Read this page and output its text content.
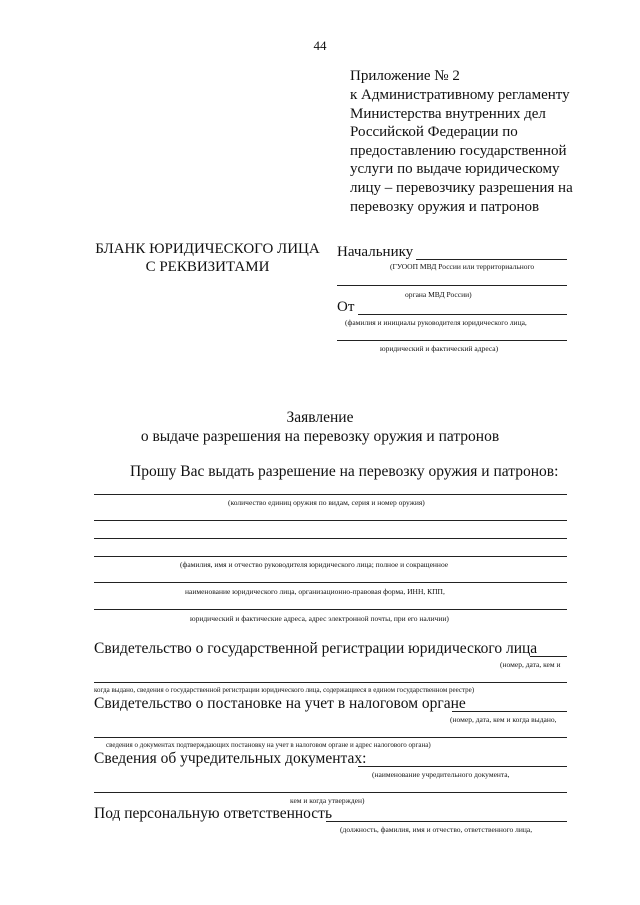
44
Приложение № 2
к Административному регламенту
Министерства внутренних дел
Российской Федерации по
предоставлению государственной
услуги по выдаче юридическому
лицу – перевозчику разрешения на
перевозку оружия и патронов
БЛАНК ЮРИДИЧЕСКОГО ЛИЦА
С РЕКВИЗИТАМИ
Начальнику
(ГУООП МВД России или территориального
органа МВД России)
От
(фамилия и инициалы руководителя юридического лица,
юридический и фактический адреса)
Заявление
о выдаче разрешения на перевозку оружия и патронов
Прошу Вас выдать разрешение на перевозку оружия и патронов:
(количество единиц оружия по видам, серия и номер оружия)
(фамилия, имя и отчество руководителя юридического лица; полное и сокращенное
наименование юридического лица, организационно-правовая форма, ИНН, КПП,
юридический и фактические адреса, адрес электронной почты, при его наличии)
Свидетельство о государственной регистрации юридического лица
(номер, дата, кем и
когда выдано, сведения о государственной регистрации юридического лица, содержащиеся в едином государственном реестре)
Свидетельство о постановке на учет в налоговом органе
(номер, дата, кем и когда выдано,
сведения о документах подтверждающих постановку на учет в налоговом органе и адрес налогового органа)
Сведения об учредительных документах:
(наименование учредительного документа,
кем и когда утвержден)
Под персональную ответственность
(должность, фамилия, имя и отчество, ответственного лица,
